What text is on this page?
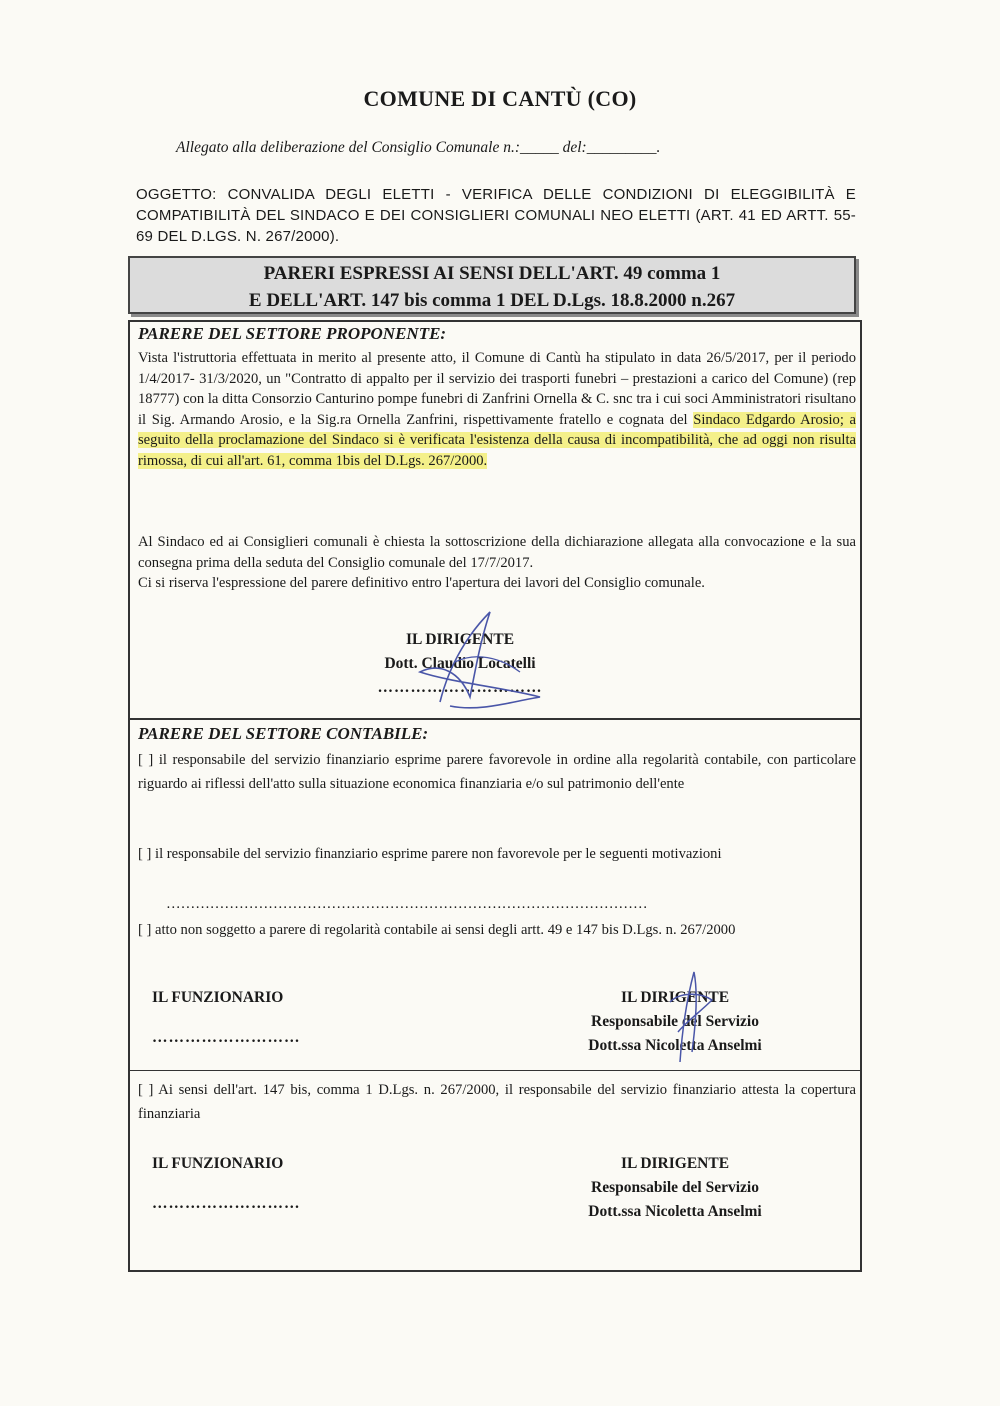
COMUNE DI CANTÙ (CO)
Allegato alla deliberazione del Consiglio Comunale n.:_____ del:_________.
OGGETTO: CONVALIDA DEGLI ELETTI - VERIFICA DELLE CONDIZIONI DI ELEGGIBILITÀ E COMPATIBILITÀ DEL SINDACO E DEI CONSIGLIERI COMUNALI NEO ELETTI (ART. 41 ED ARTT. 55-69 DEL D.LGS. N. 267/2000).
PARERI ESPRESSI AI SENSI DELL'ART. 49 comma 1
E DELL'ART. 147 bis comma 1 DEL D.Lgs. 18.8.2000 n.267
PARERE DEL SETTORE PROPONENTE:
Vista l'istruttoria effettuata in merito al presente atto, il Comune di Cantù ha stipulato in data 26/5/2017, per il periodo 1/4/2017- 31/3/2020, un "Contratto di appalto per il servizio dei trasporti funebri – prestazioni a carico del Comune) (rep 18777) con la ditta Consorzio Canturino pompe funebri di Zanfrini Ornella & C. snc tra i cui soci Amministratori risultano il Sig. Armando Arosio, e la Sig.ra Ornella Zanfrini, rispettivamente fratello e cognata del Sindaco Edgardo Arosio; a seguito della proclamazione del Sindaco si è verificata l'esistenza della causa di incompatibilità, che ad oggi non risulta rimossa, di cui all'art. 61, comma 1bis del D.Lgs. 267/2000.
Al Sindaco ed ai Consiglieri comunali è chiesta la sottoscrizione della dichiarazione allegata alla convocazione e la sua consegna prima della seduta del Consiglio comunale del 17/7/2017.
Ci si riserva l'espressione del parere definitivo entro l'apertura dei lavori del Consiglio comunale.
IL DIRIGENTE
Dott. Claudio Locatelli
…………………………
PARERE DEL SETTORE CONTABILE:
[ ] il responsabile del servizio finanziario esprime parere favorevole in ordine alla regolarità contabile, con particolare riguardo ai riflessi dell'atto sulla situazione economica finanziaria e/o sul patrimonio dell'ente
[ ] il responsabile del servizio finanziario esprime parere non favorevole per le seguenti motivazioni
………………………………………………………………………………………
[ ] atto non soggetto a parere di regolarità contabile ai sensi degli artt. 49 e 147 bis D.Lgs. n. 267/2000
IL FUNZIONARIO
………………………
IL DIRIGENTE
Responsabile del Servizio
Dott.ssa Nicoletta Anselmi
[ ] Ai sensi dell'art. 147 bis, comma 1 D.Lgs. n. 267/2000, il responsabile del servizio finanziario attesta la copertura finanziaria
IL FUNZIONARIO
………………………
IL DIRIGENTE
Responsabile del Servizio
Dott.ssa Nicoletta Anselmi
